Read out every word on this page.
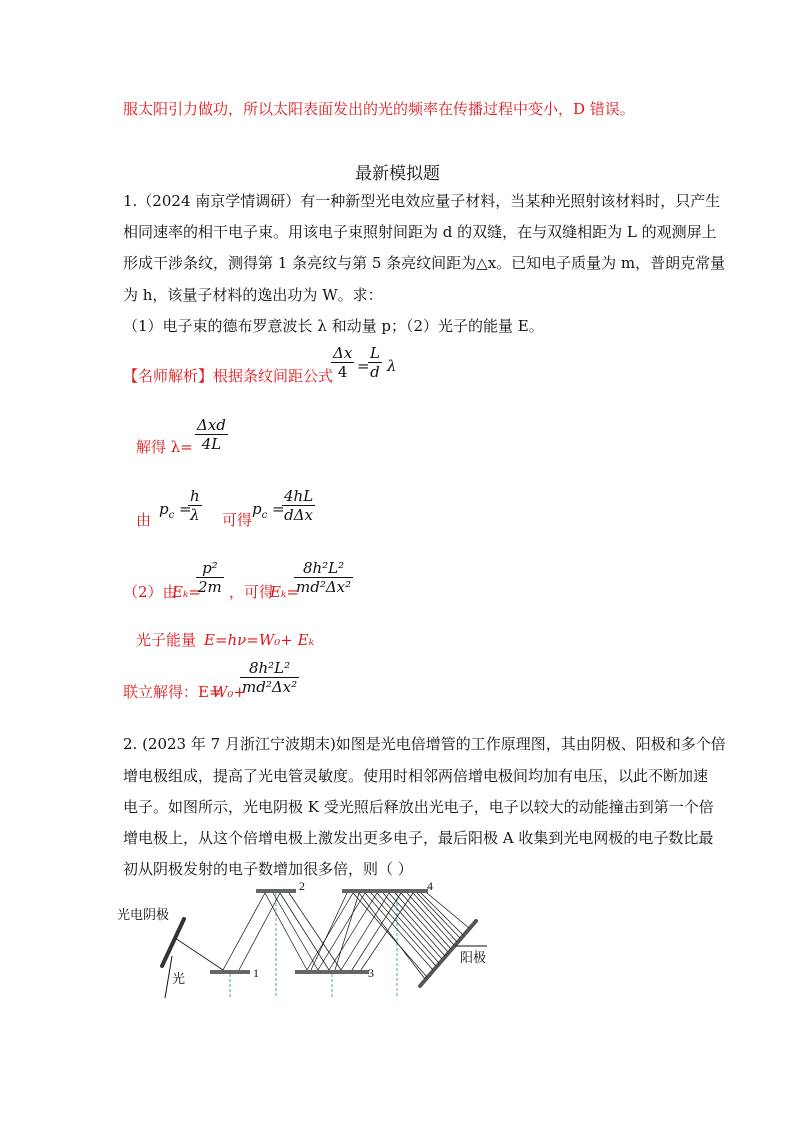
服太阳引力做功，所以太阳表面发出的光的频率在传播过程中变小，D 错误。
最新模拟题
1.（2024 南京学情调研）有一种新型光电效应量子材料，当某种光照射该材料时，只产生
相同速率的相干电子束。用该电子束照射间距为 d 的双缝，在与双缝相距为 L 的观测屏上
形成干涉条纹，测得第 1 条亮纹与第 5 条亮纹间距为△x。已知电子质量为 m，普朗克常量
为 h，该量子材料的逸出功为 W。求：
（1）电子束的德布罗意波长 λ 和动量 p；（2）光子的能量 E。
【名师解析】根据条纹间距公式
Δx
4 =
L
d λ
解得 λ=
Δxd
4L
由
$p_c$ =
h
λ 可得
$p_c$ =
4hL
dΔx
（2）由
Eₖ=
p²
2m ，可得
Eₖ=
8h²L²
md²Δx²
光子能量 E=hν=W₀+ Eₖ
联立解得：E=
W₀+
8h²L²
md²Δx²
2. (2023 年 7 月浙江宁波期末)如图是光电倍增管的工作原理图，其由阴极、阳极和多个倍
增电极组成，提高了光电管灵敏度。使用时相邻两倍增电极间均加有电压，以此不断加速
电子。如图所示，光电阴极 K 受光照后释放出光电子，电子以较大的动能撞击到第一个倍
增电极上，从这个倍增电极上激发出更多电子，最后阳极 A 收集到光电网极的电子数比最
初从阴极发射的电子数增加很多倍，则（ ）
光电阴极
光
阳极
1
2
3
4
